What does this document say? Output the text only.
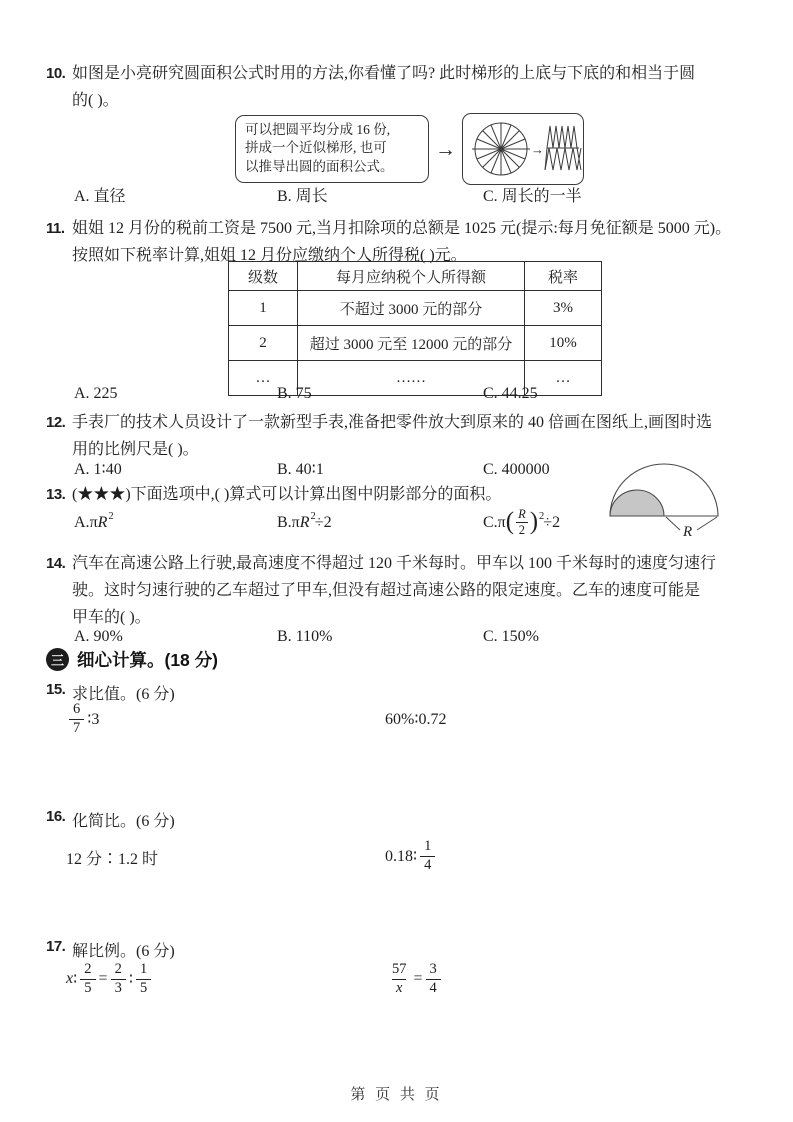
10. 如图是小亮研究圆面积公式时用的方法,你看懂了吗? 此时梯形的上底与下底的和相当于圆
的( )。
可以把圆平均分成 16 份,
拼成一个近似梯形, 也可
以推导出圆的面积公式。
→	→
A. 直径	B. 周长	C. 周长的一半
11. 姐姐 12 月份的税前工资是 7500 元,当月扣除项的总额是 1025 元(提示:每月免征额是 5000 元)。
按照如下税率计算,姐姐 12 月份应缴纳个人所得税( )元。
级数	每月应纳税个人所得额	税率
1	不超过 3000 元的部分	3%
2	超过 3000 元至 12000 元的部分	10%
…	……	…
A. 225	B. 75	C. 44.25
12. 手表厂的技术人员设计了一款新型手表,准备把零件放大到原来的 40 倍画在图纸上,画图时选
用的比例尺是( )。
A. 1∶40	B. 40∶1	C. 400000
13. (★★★)下面选项中,( )算式可以计算出图中阴影部分的面积。
A. π R 2	B. π R 2 ÷2	C. π ( R
2 ) 2 ÷2
R
14. 汽车在高速公路上行驶,最高速度不得超过 120 千米每时。甲车以 100 千米每时的速度匀速行
驶。这时匀速行驶的乙车超过了甲车,但没有超过高速公路的限定速度。乙车的速度可能是
甲车的( )。
A. 90%	B. 110%	C. 150%
三 细心计算。(18 分)
15. 求比值。(6 分)
$\frac{6}{7}$ ∶3	60%∶0.72
16. 化简比。(6 分)
12 分∶1.2 时	0.18∶ $\frac{1}{4}$
17. 解比例。(6 分)
x ∶ $\frac{2}{5} = \frac{2}{3}$ ∶ $\frac{1}{5}$	$\frac{57}{x} = \frac{3}{4}$
第 页 共 页
